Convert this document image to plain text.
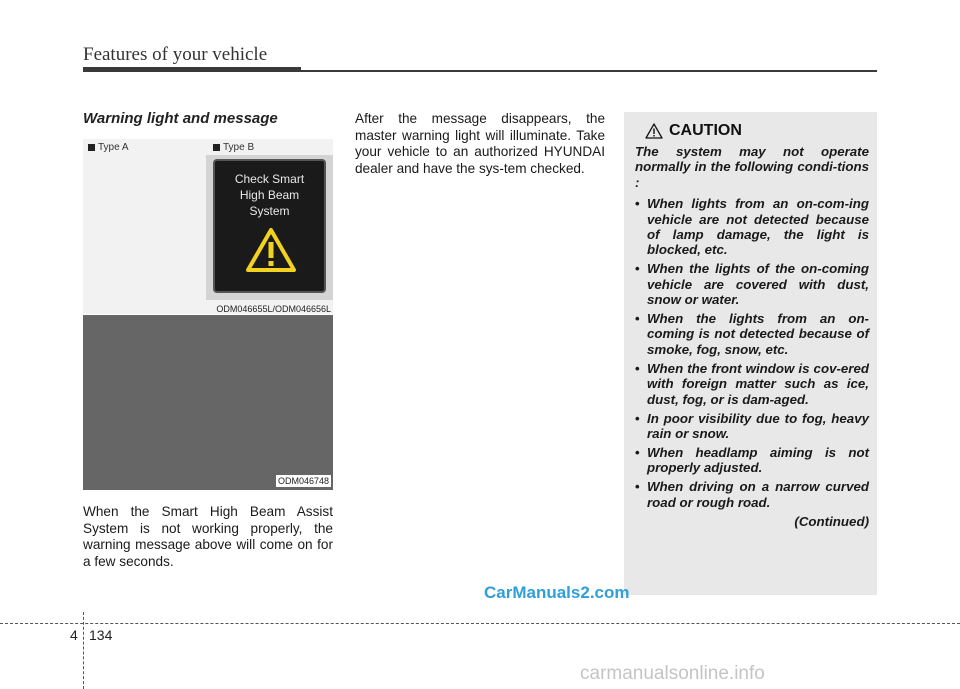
Features of your vehicle
Warning light and message
Type A	Type B
Check Smart
High Beam
System
ODM046655L/ODM046656L
ODM046748

When the Smart High Beam Assist System is not working properly, the warning message above will come on for a few seconds.

After the message disappears, the master warning light will illuminate. Take your vehicle to an authorized HYUNDAI dealer and have the sys-tem checked.

CAUTION

The system may not operate normally in the following condi-tions :

• When lights from an on-com-ing vehicle are not detected because of lamp damage, the light is blocked, etc.
• When the lights of the on-coming vehicle are covered with dust, snow or water.
• When the lights from an on-coming is not detected because of smoke, fog, snow, etc.
• When the front window is cov-ered with foreign matter such as ice, dust, fog, or is dam-aged.
• In poor visibility due to fog, heavy rain or snow.
• When headlamp aiming is not properly adjusted.
• When driving on a narrow curved road or rough road.
(Continued)
CarManuals2.com
4 134
carmanualsonline.info
